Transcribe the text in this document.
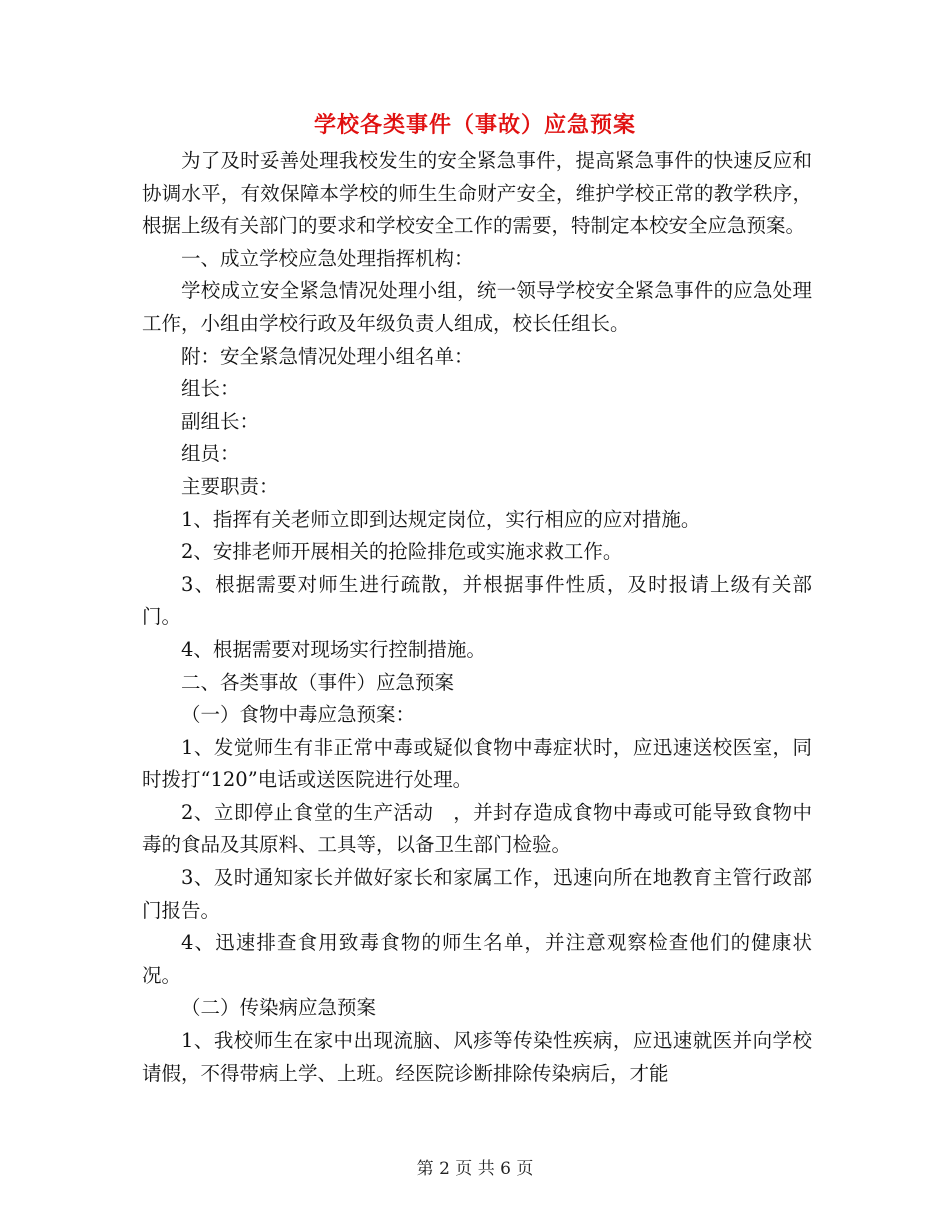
学校各类事件（事故）应急预案

为了及时妥善处理我校发生的安全紧急事件，提高紧急事件的快速反应和协调水平，有效保障本学校的师生生命财产安全，维护学校正常的教学秩序，根据上级有关部门的要求和学校安全工作的需要，特制定本校安全应急预案。

一、成立学校应急处理指挥机构：

学校成立安全紧急情况处理小组，统一领导学校安全紧急事件的应急处理工作，小组由学校行政及年级负责人组成，校长任组长。

附：安全紧急情况处理小组名单：

组长：

副组长：

组员：

主要职责：

1、指挥有关老师立即到达规定岗位，实行相应的应对措施。

2、安排老师开展相关的抢险排危或实施求救工作。

3、根据需要对师生进行疏散，并根据事件性质，及时报请上级有关部门。

4、根据需要对现场实行控制措施。

二、各类事故（事件）应急预案

（一）食物中毒应急预案：

1、发觉师生有非正常中毒或疑似食物中毒症状时，应迅速送校医室，同时拨打“120”电话或送医院进行处理。

2、立即停止食堂的生产活动　，并封存造成食物中毒或可能导致食物中毒的食品及其原料、工具等，以备卫生部门检验。

3、及时通知家长并做好家长和家属工作，迅速向所在地教育主管行政部门报告。

4、迅速排查食用致毒食物的师生名单，并注意观察检查他们的健康状况。

（二）传染病应急预案

1、我校师生在家中出现流脑、风疹等传染性疾病，应迅速就医并向学校请假，不得带病上学、上班。经医院诊断排除传染病后，才能

第 2 页 共 6 页
